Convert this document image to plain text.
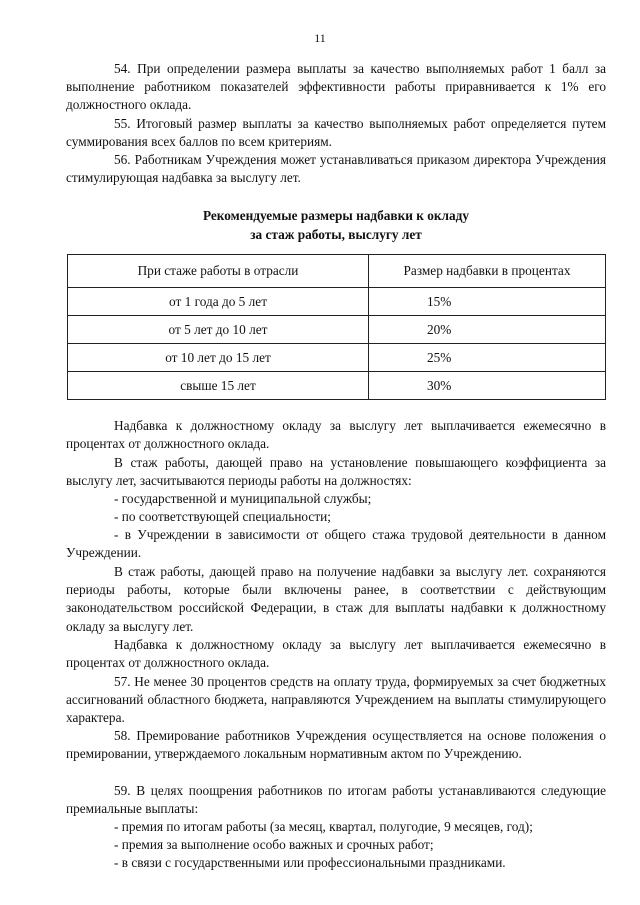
11

54. При определении размера выплаты за качество выполняемых работ 1 балл за выполнение работником показателей эффективности работы приравнивается к 1% его должностного оклада.

55. Итоговый размер выплаты за качество выполняемых работ определяется путем суммирования всех баллов по всем критериям.

56. Работникам Учреждения может устанавливаться приказом директора Учреждения стимулирующая надбавка за выслугу лет.

Рекомендуемые размеры надбавки к окладу
за стаж работы, выслугу лет
При стаже работы в отрасли	Размер надбавки в процентах
от 1 года до 5 лет	15%
от 5 лет до 10 лет	20%
от 10 лет до 15 лет	25%
свыше 15 лет	30%

Надбавка к должностному окладу за выслугу лет выплачивается ежемесячно в процентах от должностного оклада.

В стаж работы, дающей право на установление повышающего коэффициента за выслугу лет, засчитываются периоды работы на должностях:

- государственной и муниципальной службы;

- по соответствующей специальности;

- в Учреждении в зависимости от общего стажа трудовой деятельности в данном Учреждении.

В стаж работы, дающей право на получение надбавки за выслугу лет. сохраняются периоды работы, которые были включены ранее, в соответствии с действующим законодательством российской Федерации, в стаж для выплаты надбавки к должностному окладу за выслугу лет.

Надбавка к должностному окладу за выслугу лет выплачивается ежемесячно в процентах от должностного оклада.

57. Не менее 30 процентов средств на оплату труда, формируемых за счет бюджетных ассигнований областного бюджета, направляются Учреждением на выплаты стимулирующего характера.

58. Премирование работников Учреждения осуществляется на основе положения о премировании, утверждаемого локальным нормативным актом по Учреждению.

59. В целях поощрения работников по итогам работы устанавливаются следующие премиальные выплаты:

- премия по итогам работы (за месяц, квартал, полугодие, 9 месяцев, год);

- премия за выполнение особо важных и срочных работ;

- в связи с государственными или профессиональными праздниками.
